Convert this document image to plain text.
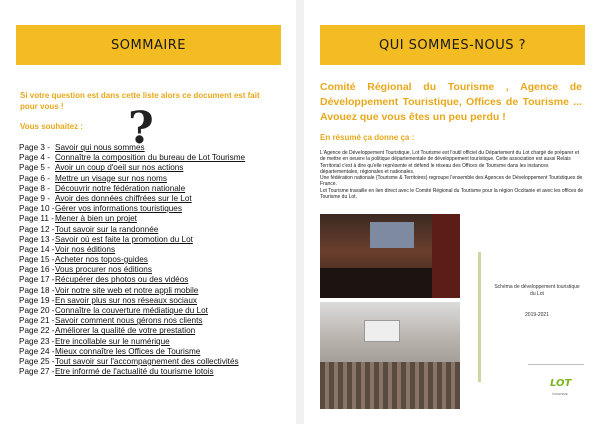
SOMMAIRE
Si votre question est dans cette liste alors ce document est fait pour vous !	?
Vous souhaitez :
Page 3 - Savoir qui nous sommes
Page 4 - Connaître la composition du bureau de Lot Tourisme
Page 5 - Avoir un coup d'oeil sur nos actions
Page 6 - Mettre un visage sur nos noms
Page 8 - Découvrir notre fédération nationale
Page 9 - Avoir des données chiffrées sur le Lot
Page 10 -Gérer vos informations touristiques
Page 11 -Mener à bien un projet
Page 12 -Tout savoir sur la randonnée
Page 13 -Savoir où est faite la promotion du Lot
Page 14 -Voir nos éditions
Page 15 -Acheter nos topos-guides
Page 16 -Vous procurer nos éditions
Page 17 -Récupérer des photos ou des vidéos
Page 18 -Voir notre site web et notre appli mobile
Page 19 -En savoir plus sur nos réseaux sociaux
Page 20 -Connaître la couverture médiatique du Lot
Page 21 -Savoir comment nous gérons nos clients
Page 22 -Améliorer la qualité de votre prestation
Page 23 -Etre incollable sur le numérique
Page 24 -Mieux connaître les Offices de Tourisme
Page 25 -Tout savoir sur l'accompagnement des collectivités
Page 27 -Etre informé de l'actualité du tourisme lotois
QUI SOMMES-NOUS ?
Comité Régional du Tourisme , Agence de Développement Touristique, Offices de Tourisme ... Avouez que vous êtes un peu perdu !
En résumé ça donne ça :
L'Agence de Développement Touristique, Lot Tourisme est l'outil officiel du Département du Lot chargé de préparer et de mettre en oeuvre la politique départementale de développement touristique. Cette association est aussi Relais Territorial c'est à dire qu'elle représente et défend le réseau des Offices de Tourisme dans les instances départementales, régionales et nationales.
Une fédération nationale (Tourisme & Territoires) regroupe l'ensemble des Agences de Développement Touristiques de France.
Lot Tourisme travaille en lien direct avec le Comité Régional du Tourisme pour la région Occitanie et avec les offices de Tourisme du Lot.
Schéma de développement touristique du Lot
2019-2021
LOT
TOURISME
